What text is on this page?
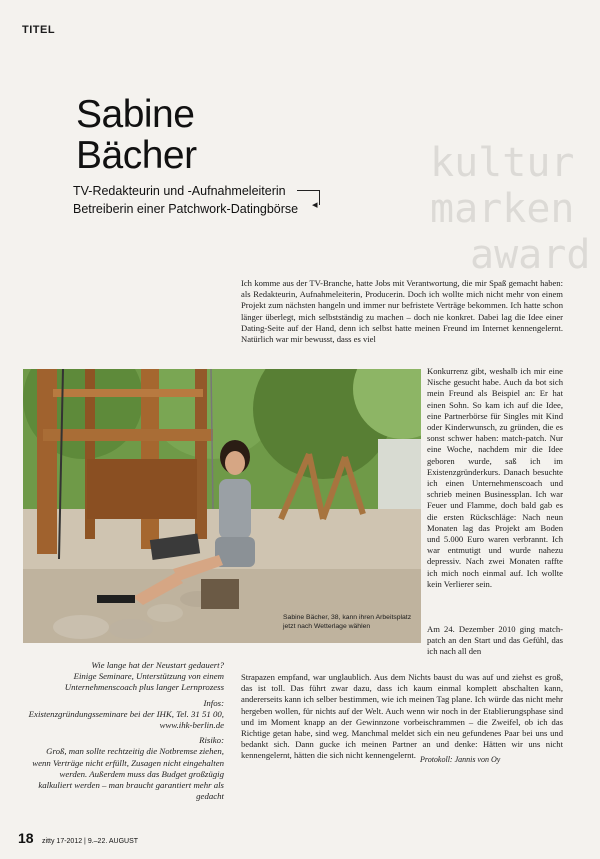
TITEL
kultur
marken
award
Sabine
Bächer
TV-Redakteurin und -Aufnahmeleiterin
Betreiberin einer Patchwork-Datingbörse ◂

Ich komme aus der TV-Branche, hatte Jobs mit Verantwortung, die mir Spaß gemacht haben: als Redakteurin, Aufnahmeleiterin, Producerin. Doch ich wollte mich nicht mehr von einem Projekt zum nächsten hangeln und immer nur befristete Verträge bekommen. Ich hatte schon länger überlegt, mich selbstständig zu machen – doch nie konkret. Dabei lag die Idee einer Dating-Seite auf der Hand, denn ich selbst hatte meinen Freund im Internet kennengelernt. Natürlich war mir bewusst, dass es viel

Konkurrenz gibt, weshalb ich mir eine Nische gesucht habe. Auch da bot sich mein Freund als Beispiel an: Er hat einen Sohn. So kam ich auf die Idee, eine Partnerbörse für Singles mit Kind oder Kinderwunsch, zu gründen, die es sonst schwer haben: match-patch. Nur eine Woche, nachdem mir die Idee geboren wurde, saß ich im Existenzgründerkurs. Danach besuchte ich einen Unternehmenscoach und schrieb meinen Businessplan. Ich war Feuer und Flamme, doch bald gab es die ersten Rückschläge: Nach neun Monaten lag das Projekt am Boden und 5.000 Euro waren verbrannt. Ich war entmutigt und wurde nahezu depressiv. Nach zwei Monaten raffte ich mich noch einmal auf. Ich wollte kein Verlierer sein.

Am 24. Dezember 2010 ging match-patch an den Start und das Gefühl, das ich nach all den

Sabine Bächer, 38, kann ihren Arbeitsplatz jetzt nach Wetterlage wählen

Strapazen empfand, war unglaublich. Aus dem Nichts baust du was auf und ziehst es groß, das ist toll. Das führt zwar dazu, dass ich kaum einmal komplett abschalten kann, andererseits kann ich selber bestimmen, wie ich meinen Tag plane. Ich würde das nicht mehr hergeben wollen, für nichts auf der Welt. Auch wenn wir noch in der Etablierungsphase sind und im Moment knapp an der Gewinnzone vorbeischrammen – die Zweifel, ob ich das Richtige getan habe, sind weg. Manchmal meldet sich ein neu gefundenes Paar bei uns und bedankt sich. Dann gucke ich meinen Partner an und denke: Hätten wir uns nicht kennengelernt, hätten die sich nicht kennengelernt. Protokoll: Jannis von Oy

Wie lange hat der Neustart gedauert?

Einige Seminare, Unterstützung von einem Unternehmenscoach plus langer Lernprozess

Infos:

Existenzgründungsseminare bei der IHK, Tel. 31 51 00, www.ihk-berlin.de

Risiko:

Groß, man sollte rechtzeitig die Notbremse ziehen, wenn Verträge nicht erfüllt, Zusagen nicht eingehalten werden. Außerdem muss das Budget großzügig kalkuliert werden – man braucht garantiert mehr als gedacht

18 zitty 17-2012 | 9.–22. AUGUST
